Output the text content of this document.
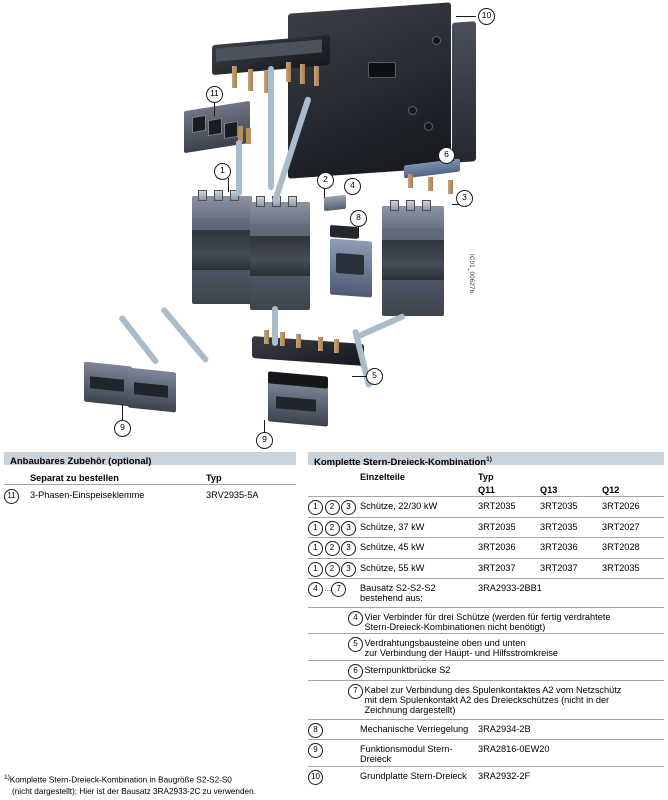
IC01_00627b
10
11
1
2
3
4
5
6
8
9
9
Anbaubares Zubehör (optional)
	Separat zu bestellen	Typ
11	3-Phasen-Einspeiseklemme	3RV2935-5A
Komplette Stern-Dreieck-Kombination$^{1)}$
	Einzelteile	Typ		
		Q11	Q13	Q12
1 2 3	Schütze, 22/30 kW	3RT2035	3RT2035	3RT2026
1 2 3	Schütze, 37 kW	3RT2035	3RT2035	3RT2027
1 2 3	Schütze, 45 kW	3RT2036	3RT2036	3RT2028
1 2 3	Schütze, 55 kW	3RT2037	3RT2037	3RT2035
4 ... 7	Bausatz S2-S2-S2
bestehend aus:	3RA2933-2BB1		
	4	Vier Verbinder für drei Schütze (werden für fertig verdrahtete
Stern-Dreieck-Kombinationen nicht benötigt)

	5	Verdrahtungsbausteine oben und unten
zur Verbindung der Haupt- und Hilfsstromkreise

	6	Sternpunktbrücke S2

	7	Kabel zur Verbindung des Spulenkontaktes A2 vom Netzschütz
mit dem Spulenkontakt A2 des Dreieckschützes (nicht in der
Zeichnung dargestellt)
8	Mechanische Verriegelung	3RA2934-2B
9	Funktionsmodul Stern-Dreieck	3RA2816-0EW20
10	Grundplatte Stern-Dreieck	3RA2932-2F
$^{1)}$Komplette Stern-Dreieck-Kombination in Baugröße S2-S2-S0
(nicht dargestellt): Hier ist der Bausatz 3RA2933-2C zu verwenden.
